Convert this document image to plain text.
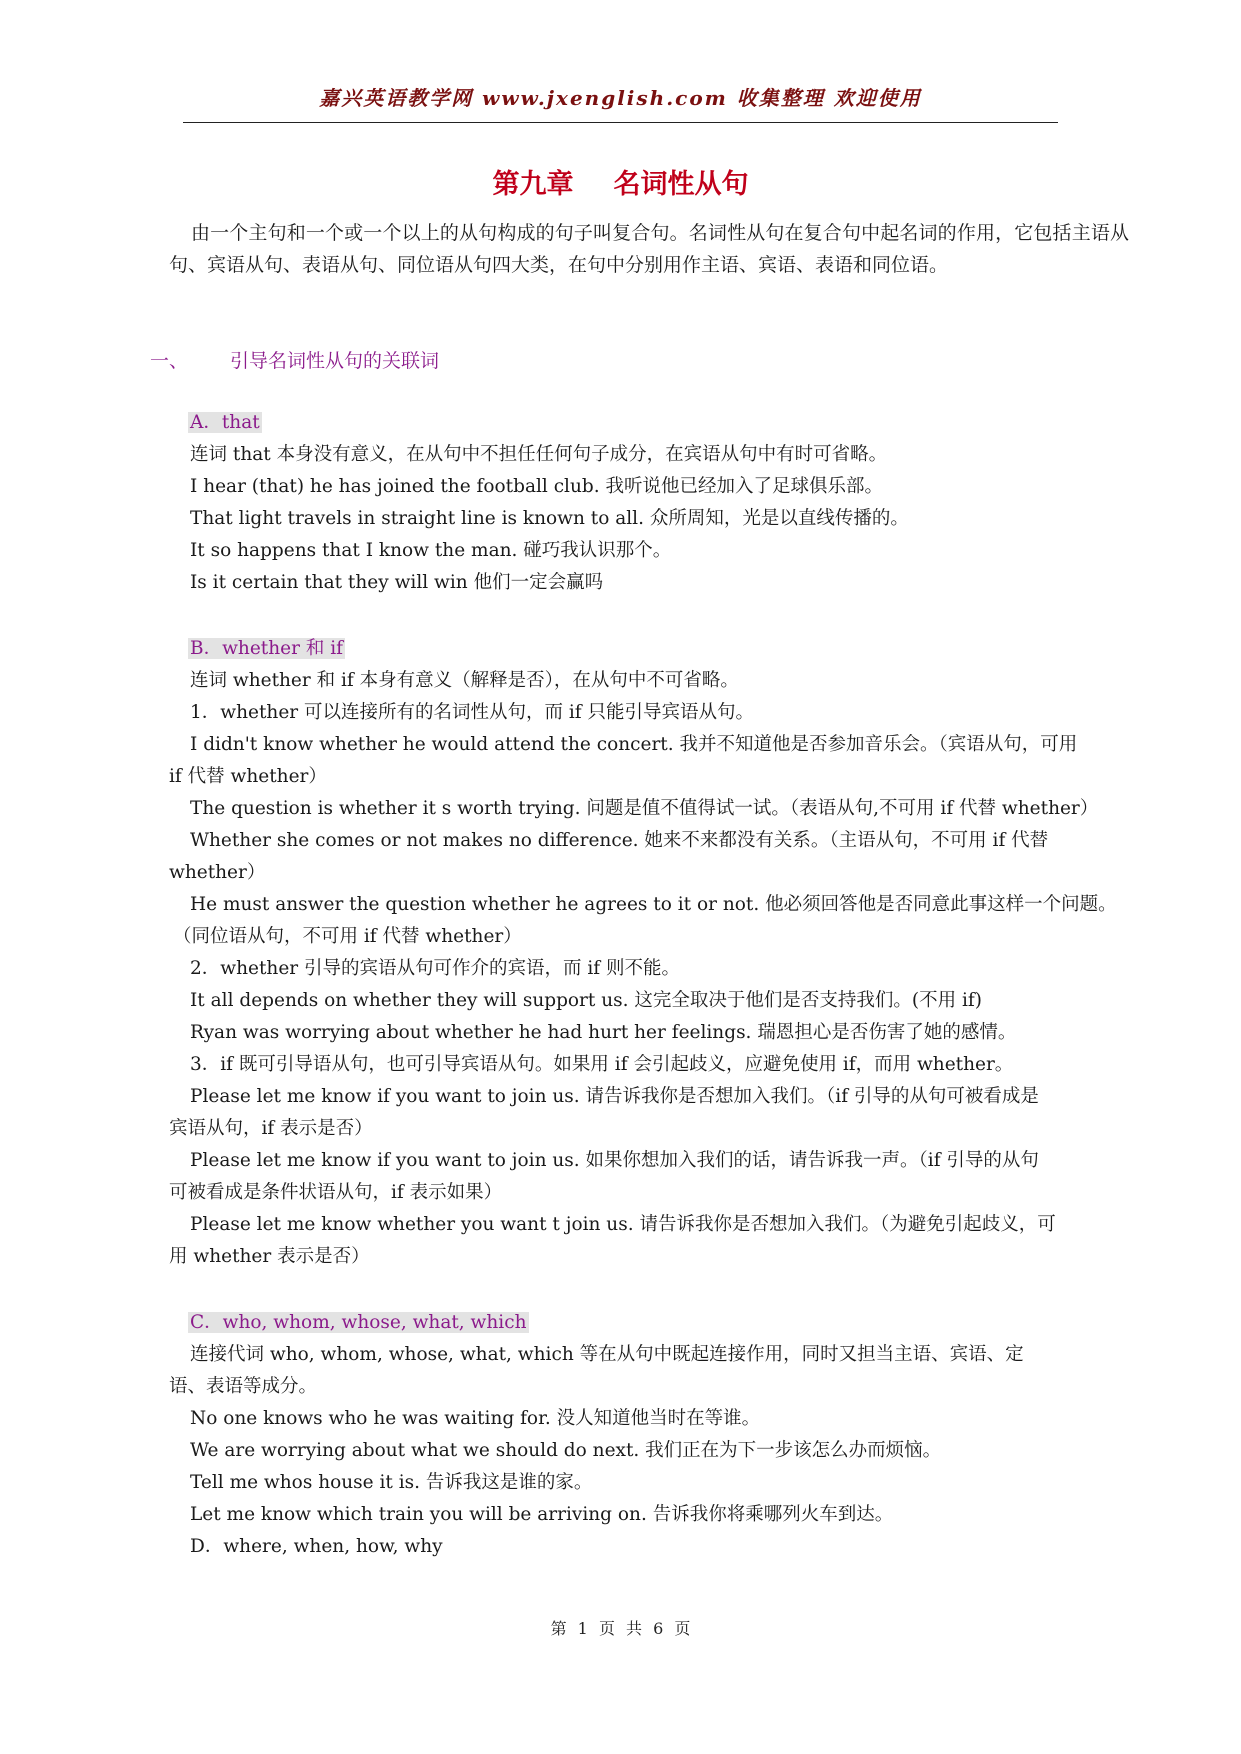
嘉兴英语教学网 www.jxenglish.com 收集整理 欢迎使用
第九章 名词性从句
由一个主句和一个或一个以上的从句构成的句子叫复合句。名词性从句在复合句中起名词的作用，它包括主语从句、宾语从句、表语从句、同位语从句四大类，在句中分别用作主语、宾语、表语和同位语。
一、 引导名词性从句的关联词
A．that
连词 that 本身没有意义，在从句中不担任任何句子成分，在宾语从句中有时可省略。
I hear (that) he has joined the football club. 我听说他已经加入了足球俱乐部。
That light travels in straight line is known to all. 众所周知，光是以直线传播的。
It so happens that I know the man. 碰巧我认识那个。
Is it certain that they will win 他们一定会赢吗
B．whether 和 if
连词 whether 和 if 本身有意义（解释是否），在从句中不可省略。
1．whether 可以连接所有的名词性从句，而 if 只能引导宾语从句。
I didn't know whether he would attend the concert. 我并不知道他是否参加音乐会。（宾语从句，可用
if 代替 whether）
The question is whether it s worth trying. 问题是值不值得试一试。（表语从句,不可用 if 代替 whether）
Whether she comes or not makes no difference. 她来不来都没有关系。（主语从句，不可用 if 代替
whether）
He must answer the question whether he agrees to it or not. 他必须回答他是否同意此事这样一个问题。
（同位语从句，不可用 if 代替 whether）
2．whether 引导的宾语从句可作介的宾语，而 if 则不能。
It all depends on whether they will support us. 这完全取决于他们是否支持我们。(不用 if)
Ryan was worrying about whether he had hurt her feelings. 瑞恩担心是否伤害了她的感情。
3．if 既可引导语从句，也可引导宾语从句。如果用 if 会引起歧义，应避免使用 if，而用 whether。
Please let me know if you want to join us. 请告诉我你是否想加入我们。（if 引导的从句可被看成是
宾语从句，if 表示是否）
Please let me know if you want to join us. 如果你想加入我们的话，请告诉我一声。（if 引导的从句
可被看成是条件状语从句，if 表示如果）
Please let me know whether you want t join us. 请告诉我你是否想加入我们。（为避免引起歧义，可
用 whether 表示是否）
C．who, whom, whose, what, which
连接代词 who, whom, whose, what, which 等在从句中既起连接作用，同时又担当主语、宾语、定
语、表语等成分。
No one knows who he was waiting for. 没人知道他当时在等谁。
We are worrying about what we should do next. 我们正在为下一步该怎么办而烦恼。
Tell me whos house it is. 告诉我这是谁的家。
Let me know which train you will be arriving on. 告诉我你将乘哪列火车到达。
D．where, when, how, why
第 1 页 共 6 页
